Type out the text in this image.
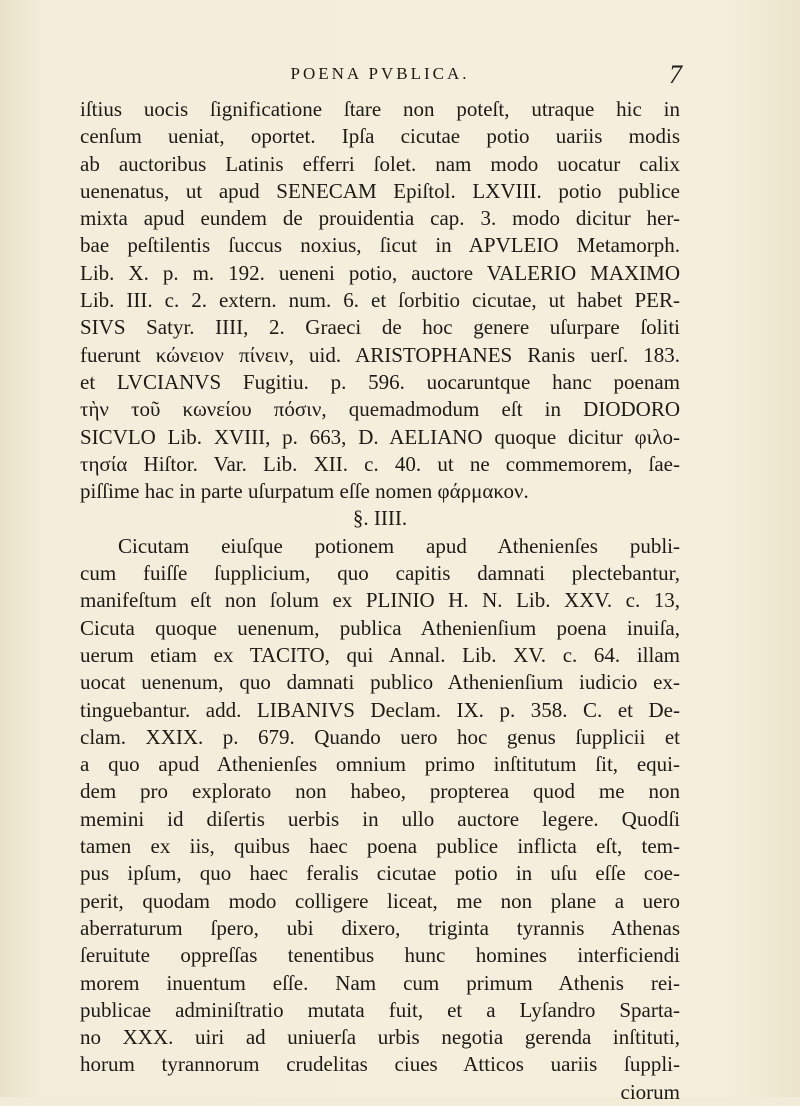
POENA PVBLICA.	7
iſtius uocis ſignificatione ſtare non poteſt, utraque hic in
cenſum ueniat, oportet. Ipſa cicutae potio uariis modis
ab auctoribus Latinis efferri ſolet. nam modo uocatur calix
uenenatus, ut apud SENECAM Epiſtol. LXVIII. potio publice
mixta apud eundem de prouidentia cap. 3. modo dicitur her-
bae peſtilentis ſuccus noxius, ſicut in APVLEIO Metamorph.
Lib. X. p. m. 192. ueneni potio, auctore VALERIO MAXIMO
Lib. III. c. 2. extern. num. 6. et ſorbitio cicutae, ut habet PER-
SIVS Satyr. IIII, 2. Graeci de hoc genere uſurpare ſoliti
fuerunt κώνειον πίνειν, uid. ARISTOPHANES Ranis uerſ. 183.
et LVCIANVS Fugitiu. p. 596. uocaruntque hanc poenam
τὴν τοῦ κωνείου πόσιν, quemadmodum eſt in DIODORO
SICVLO Lib. XVIII, p. 663, D. AELIANO quoque dicitur φιλο-
τησία Hiſtor. Var. Lib. XII. c. 40. ut ne commemorem, ſae-
piſſime hac in parte uſurpatum eſſe nomen φάρμακον.
§. IIII.
Cicutam eiuſque potionem apud Athenienſes publi-
cum fuiſſe ſupplicium, quo capitis damnati plectebantur,
manifeſtum eſt non ſolum ex PLINIO H. N. Lib. XXV. c. 13,
Cicuta quoque uenenum, publica Athenienſium poena inuiſa,
uerum etiam ex TACITO, qui Annal. Lib. XV. c. 64. illam
uocat uenenum, quo damnati publico Athenienſium iudicio ex-
tinguebantur. add. LIBANIVS Declam. IX. p. 358. C. et De-
clam. XXIX. p. 679. Quando uero hoc genus ſupplicii et
a quo apud Athenienſes omnium primo inſtitutum ſit, equi-
dem pro explorato non habeo, propterea quod me non
memini id diſertis uerbis in ullo auctore legere. Quodſi
tamen ex iis, quibus haec poena publice inflicta eſt, tem-
pus ipſum, quo haec feralis cicutae potio in uſu eſſe coe-
perit, quodam modo colligere liceat, me non plane a uero
aberraturum ſpero, ubi dixero, triginta tyrannis Athenas
ſeruitute oppreſſas tenentibus hunc homines interficiendi
morem inuentum eſſe. Nam cum primum Athenis rei-
publicae adminiſtratio mutata fuit, et a Lyſandro Sparta-
no XXX. uiri ad uniuerſa urbis negotia gerenda inſtituti,
horum tyrannorum crudelitas ciues Atticos uariis ſuppli-
ciorum
